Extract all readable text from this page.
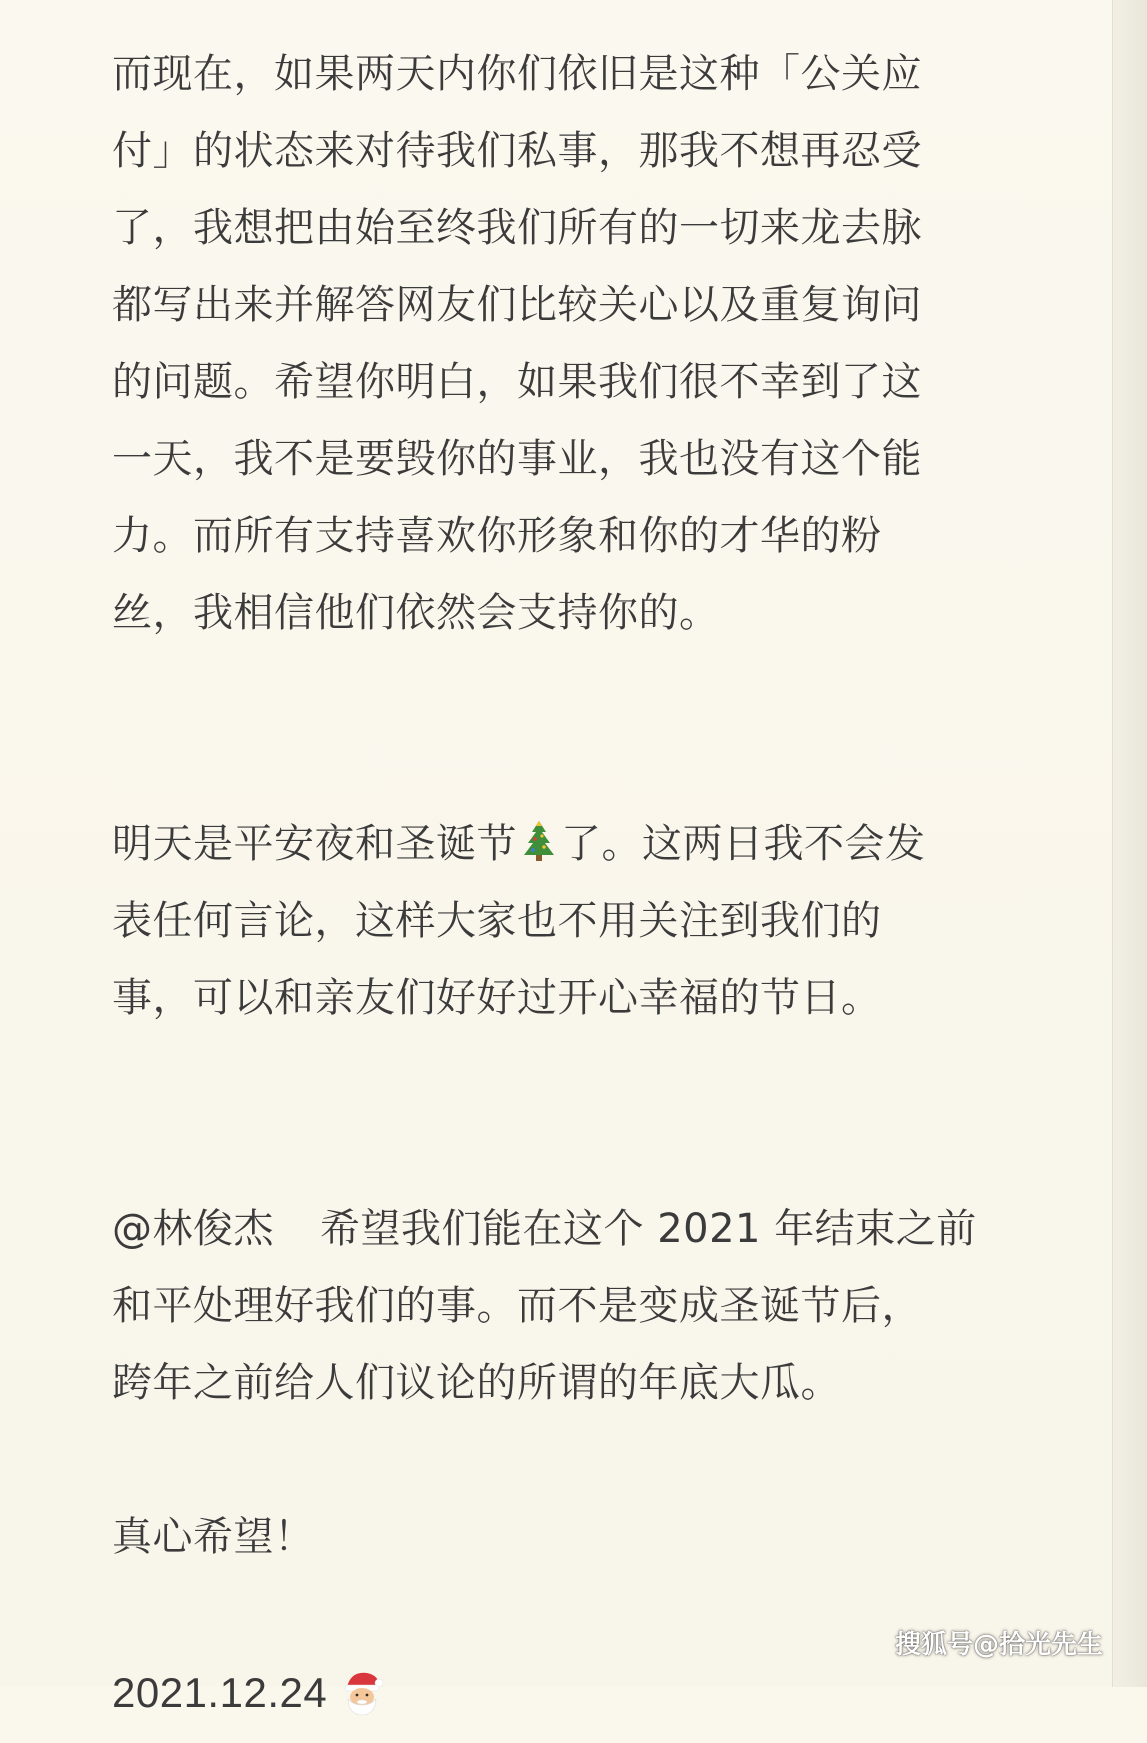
而现在，如果两天内你们依旧是这种「公关应
付」的状态来对待我们私事，那我不想再忍受
了，我想把由始至终我们所有的一切来龙去脉
都写出来并解答网友们比较关心以及重复询问
的问题。希望你明白，如果我们很不幸到了这
一天，我不是要毁你的事业，我也没有这个能
力。而所有支持喜欢你形象和你的才华的粉
丝，我相信他们依然会支持你的。
明天是平安夜和圣诞节 了。这两日我不会发
表任何言论，这样大家也不用关注到我们的
事，可以和亲友们好好过开心幸福的节日。
@林俊杰 希望我们能在这个 2021 年结束之前
和平处理好我们的事。而不是变成圣诞节后，
跨年之前给人们议论的所谓的年底大瓜。
真心希望！
2021.12.24
搜狐号@拾光先生
